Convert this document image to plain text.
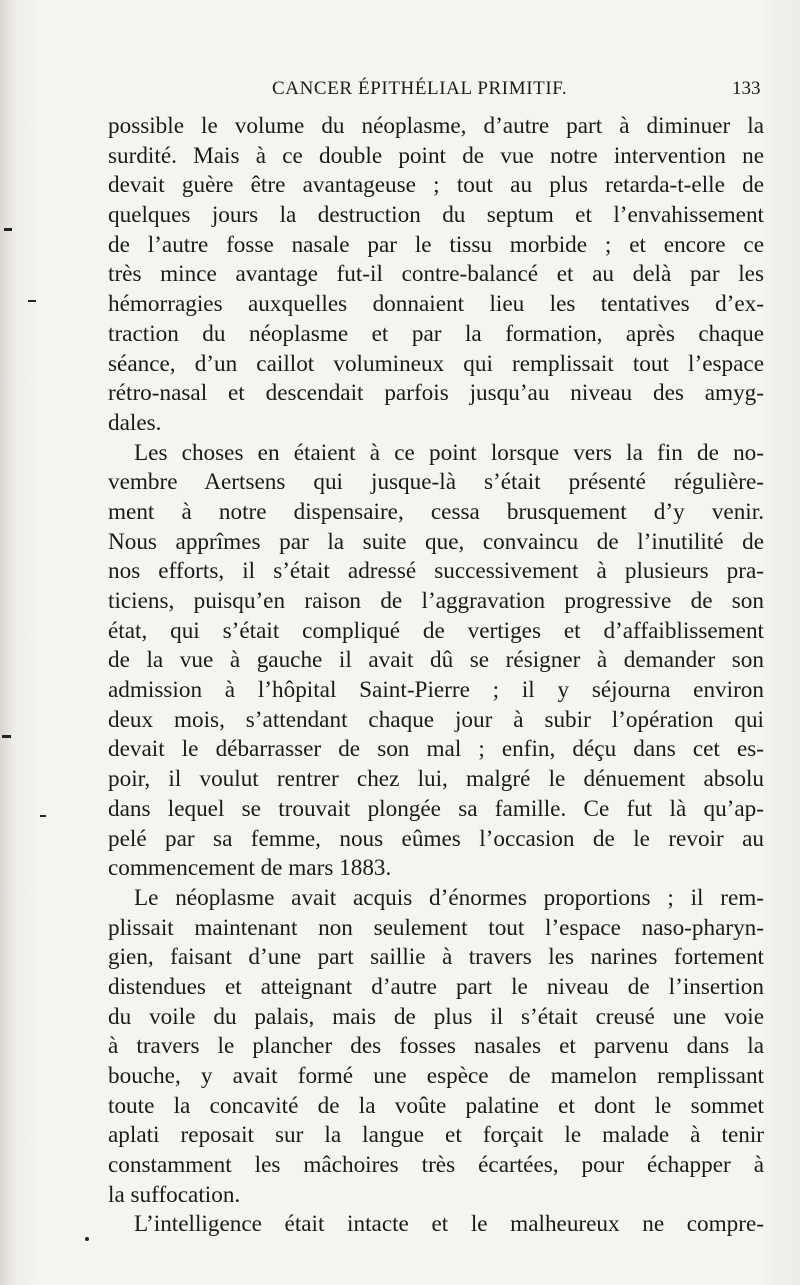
CANCER ÉPITHÉLIAL PRIMITIF.	133
possible le volume du néoplasme, d’autre part à diminuer la
surdité. Mais à ce double point de vue notre intervention ne
devait guère être avantageuse ; tout au plus retarda-t-elle de
quelques jours la destruction du septum et l’envahissement
de l’autre fosse nasale par le tissu morbide ; et encore ce
très mince avantage fut-il contre-balancé et au delà par les
hémorragies auxquelles donnaient lieu les tentatives d’ex-
traction du néoplasme et par la formation, après chaque
séance, d’un caillot volumineux qui remplissait tout l’espace
rétro-nasal et descendait parfois jusqu’au niveau des amyg-
dales.
Les choses en étaient à ce point lorsque vers la fin de no-
vembre Aertsens qui jusque-là s’était présenté régulière-
ment à notre dispensaire, cessa brusquement d’y venir.
Nous apprîmes par la suite que, convaincu de l’inutilité de
nos efforts, il s’était adressé successivement à plusieurs pra-
ticiens, puisqu’en raison de l’aggravation progressive de son
état, qui s’était compliqué de vertiges et d’affaiblissement
de la vue à gauche il avait dû se résigner à demander son
admission à l’hôpital Saint-Pierre ; il y séjourna environ
deux mois, s’attendant chaque jour à subir l’opération qui
devait le débarrasser de son mal ; enfin, déçu dans cet es-
poir, il voulut rentrer chez lui, malgré le dénuement absolu
dans lequel se trouvait plongée sa famille. Ce fut là qu’ap-
pelé par sa femme, nous eûmes l’occasion de le revoir au
commencement de mars 1883.
Le néoplasme avait acquis d’énormes proportions ; il rem-
plissait maintenant non seulement tout l’espace naso-pharyn-
gien, faisant d’une part saillie à travers les narines fortement
distendues et atteignant d’autre part le niveau de l’insertion
du voile du palais, mais de plus il s’était creusé une voie
à travers le plancher des fosses nasales et parvenu dans la
bouche, y avait formé une espèce de mamelon remplissant
toute la concavité de la voûte palatine et dont le sommet
aplati reposait sur la langue et forçait le malade à tenir
constamment les mâchoires très écartées, pour échapper à
la suffocation.
L’intelligence était intacte et le malheureux ne compre-
